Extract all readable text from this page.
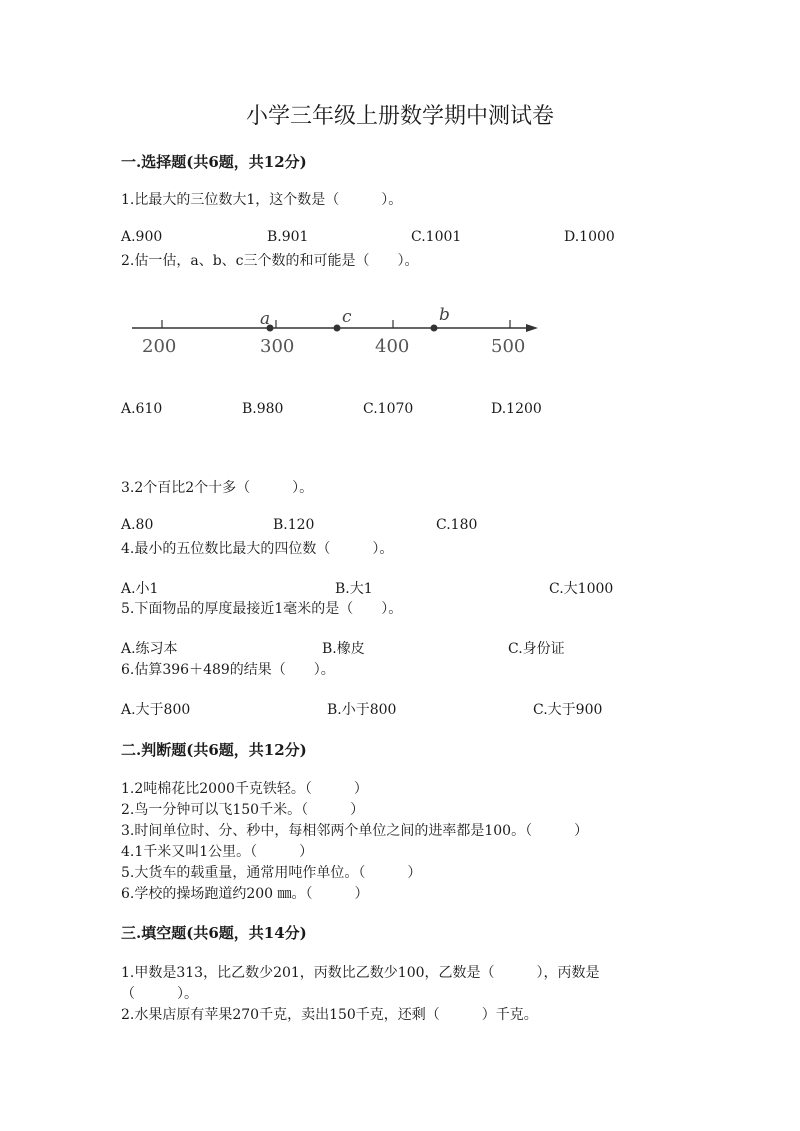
小学三年级上册数学期中测试卷
一.选择题(共6题，共12分)
1.比最大的三位数大1，这个数是（　　　）。
A.900	B.901	C.1001	D.1000
2.估一估，a、b、c三个数的和可能是（　　）。
a	c	b
200	300	400	500
A.610	B.980	C.1070	D.1200
3.2个百比2个十多（　　　）。
A.80	B.120	C.180
4.最小的五位数比最大的四位数（　　　）。
A.小1	B.大1	C.大1000
5.下面物品的厚度最接近1毫米的是（　　）。
A.练习本	B.橡皮	C.身份证
6.估算396＋489的结果（　　）。
A.大于800	B.小于800	C.大于900
二.判断题(共6题，共12分)
1.2吨棉花比2000千克铁轻。（　　　）
2.鸟一分钟可以飞150千米。（　　　）
3.时间单位时、分、秒中，每相邻两个单位之间的进率都是100。（　　　）
4.1千米又叫1公里。（　　　）
5.大货车的载重量，通常用吨作单位。（　　　）
6.学校的操场跑道约200 ㎜。（　　　）
三.填空题(共6题，共14分)
1.甲数是313，比乙数少201，丙数比乙数少100，乙数是（　　　），丙数是
（　　　）。
2.水果店原有苹果270千克，卖出150千克，还剩（　　　）千克。
